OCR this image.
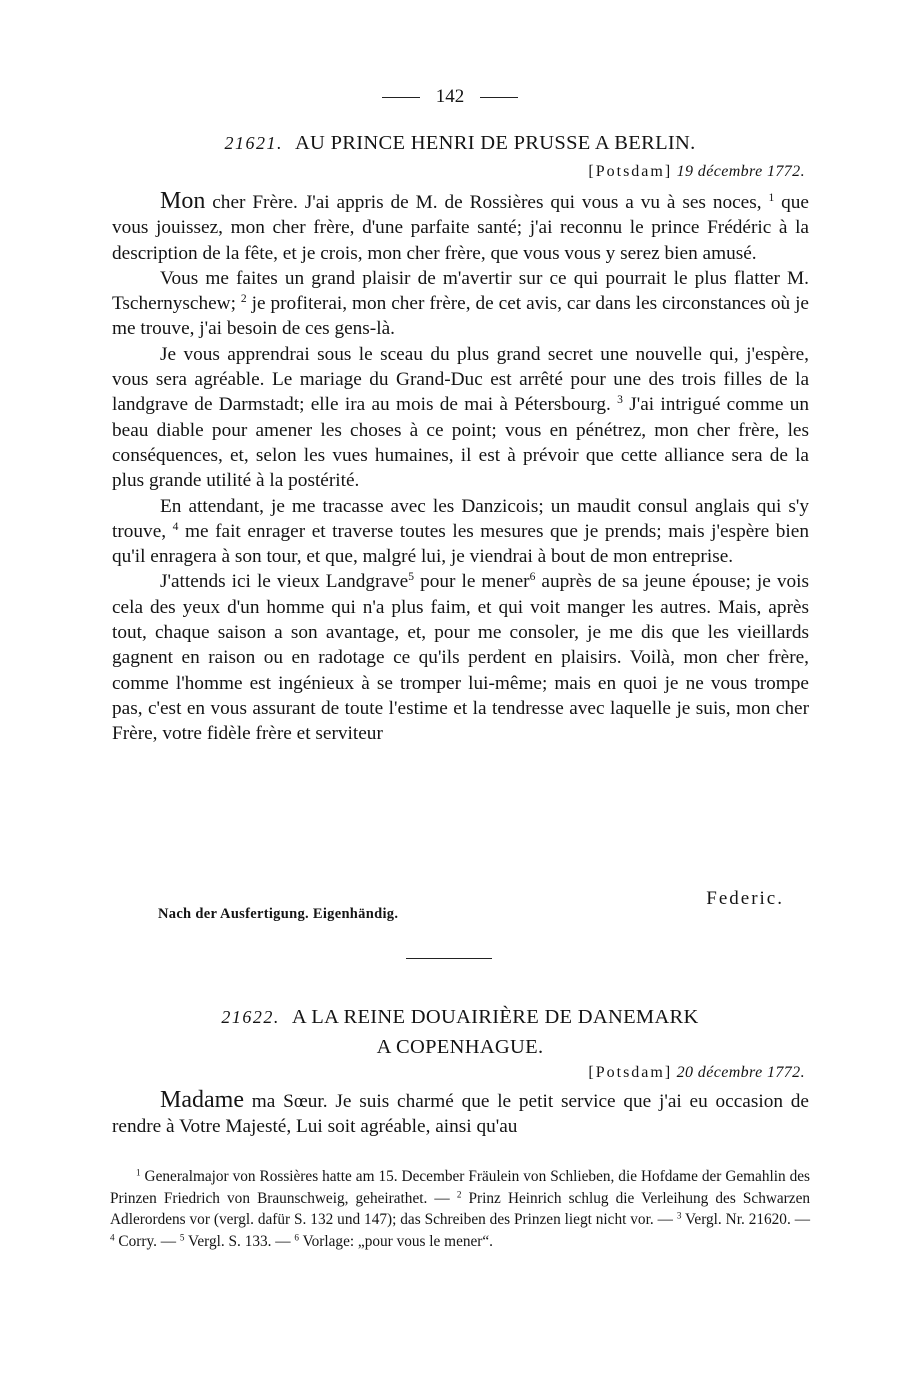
142
21621. AU PRINCE HENRI DE PRUSSE A BERLIN.
[Potsdam] 19 décembre 1772.

Mon cher Frère. J'ai appris de M. de Rossières qui vous a vu à ses noces, $^1$ que vous jouissez, mon cher frère, d'une parfaite santé; j'ai reconnu le prince Frédéric à la description de la fête, et je crois, mon cher frère, que vous vous y serez bien amusé.

Vous me faites un grand plaisir de m'avertir sur ce qui pourrait le plus flatter M. Tschernyschew; $^2$ je profiterai, mon cher frère, de cet avis, car dans les circonstances où je me trouve, j'ai besoin de ces gens-là.

Je vous apprendrai sous le sceau du plus grand secret une nouvelle qui, j'espère, vous sera agréable. Le mariage du Grand-Duc est arrêté pour une des trois filles de la landgrave de Darmstadt; elle ira au mois de mai à Pétersbourg. $^3$ J'ai intrigué comme un beau diable pour amener les choses à ce point; vous en pénétrez, mon cher frère, les conséquences, et, selon les vues humaines, il est à prévoir que cette alliance sera de la plus grande utilité à la postérité.

En attendant, je me tracasse avec les Danzicois; un maudit consul anglais qui s'y trouve, $^4$ me fait enrager et traverse toutes les mesures que je prends; mais j'espère bien qu'il enragera à son tour, et que, malgré lui, je viendrai à bout de mon entreprise.

J'attends ici le vieux Landgrave$^5$ pour le mener$^6$ auprès de sa jeune épouse; je vois cela des yeux d'un homme qui n'a plus faim, et qui voit manger les autres. Mais, après tout, chaque saison a son avantage, et, pour me consoler, je me dis que les vieillards gagnent en raison ou en radotage ce qu'ils perdent en plaisirs. Voilà, mon cher frère, comme l'homme est ingénieux à se tromper lui-même; mais en quoi je ne vous trompe pas, c'est en vous assurant de toute l'estime et la tendresse avec laquelle je suis, mon cher Frère, votre fidèle frère et serviteur

Federic.
Nach der Ausfertigung. Eigenhändig.
21622. A LA REINE DOUAIRIÈRE DE DANEMARK
A COPENHAGUE.
[Potsdam] 20 décembre 1772.

Madame ma Sœur. Je suis charmé que le petit service que j'ai eu occasion de rendre à Votre Majesté, Lui soit agréable, ainsi qu'au

$^1$ Generalmajor von Rossières hatte am 15. December Fräulein von Schlieben, die Hofdame der Gemahlin des Prinzen Friedrich von Braunschweig, geheirathet. — $^2$ Prinz Heinrich schlug die Verleihung des Schwarzen Adlerordens vor (vergl. dafür S. 132 und 147); das Schreiben des Prinzen liegt nicht vor. — $^3$ Vergl. Nr. 21620. — $^4$ Corry. — $^5$ Vergl. S. 133. — $^6$ Vorlage: „pour vous le mener“.
